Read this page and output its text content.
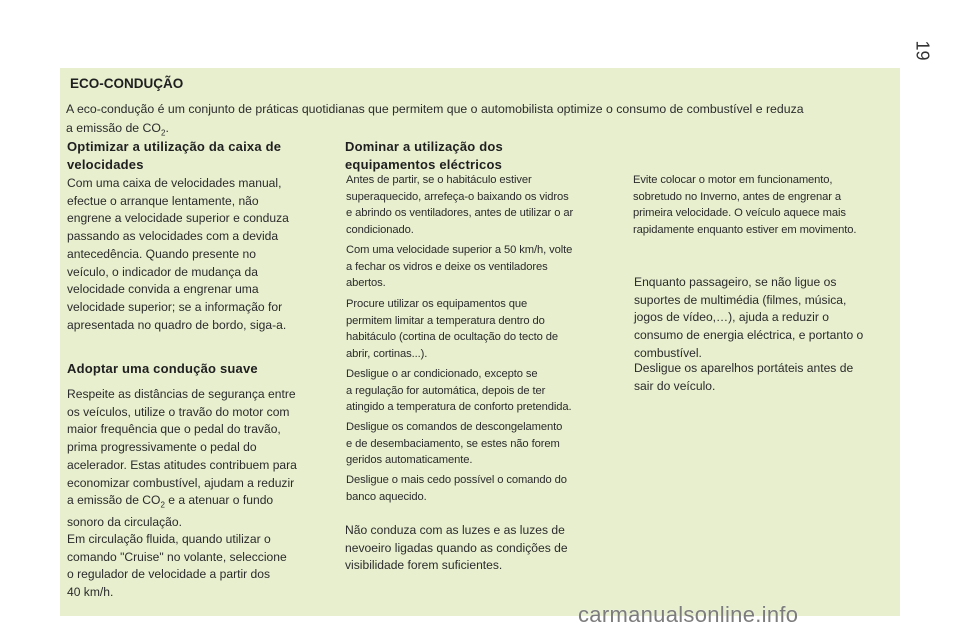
19
ECO-CONDUÇÃO
A eco-condução é um conjunto de práticas quotidianas que permitem que o automobilista optimize o consumo de combustível e reduza
a emissão de $CO_2$.
Optimizar a utilização da caixa de
velocidades
Com uma caixa de velocidades manual,
efectue o arranque lentamente, não
engrene a velocidade superior e conduza
passando as velocidades com a devida
antecedência. Quando presente no
veículo, o indicador de mudança da
velocidade convida a engrenar uma
velocidade superior; se a informação for
apresentada no quadro de bordo, siga-a.
Adoptar uma condução suave
Respeite as distâncias de segurança entre
os veículos, utilize o travão do motor com
maior frequência que o pedal do travão,
prima progressivamente o pedal do
acelerador. Estas atitudes contribuem para
economizar combustível, ajudam a reduzir
a emissão de $CO_2$ e a atenuar o fundo
sonoro da circulação.
Em circulação fluida, quando utilizar o
comando "Cruise" no volante, seleccione
o regulador de velocidade a partir dos
40 km/h.
Dominar a utilização dos
equipamentos eléctricos
Antes de partir, se o habitáculo estiver
superaquecido, arrefeça-o baixando os vidros
e abrindo os ventiladores, antes de utilizar o ar
condicionado.
Com uma velocidade superior a 50 km/h, volte
a fechar os vidros e deixe os ventiladores
abertos.
Procure utilizar os equipamentos que
permitem limitar a temperatura dentro do
habitáculo (cortina de ocultação do tecto de
abrir, cortinas...).
Desligue o ar condicionado, excepto se
a regulação for automática, depois de ter
atingido a temperatura de conforto pretendida.
Desligue os comandos de descongelamento
e de desembaciamento, se estes não forem
geridos automaticamente.
Desligue o mais cedo possível o comando do
banco aquecido.
Não conduza com as luzes e as luzes de
nevoeiro ligadas quando as condições de
visibilidade forem suficientes.
Evite colocar o motor em funcionamento,
sobretudo no Inverno, antes de engrenar a
primeira velocidade. O veículo aquece mais
rapidamente enquanto estiver em movimento.
Enquanto passageiro, se não ligue os
suportes de multimédia (filmes, música,
jogos de vídeo,…), ajuda a reduzir o
consumo de energia eléctrica, e portanto o
combustível.
Desligue os aparelhos portáteis antes de
sair do veículo.
carmanualsonline.info
